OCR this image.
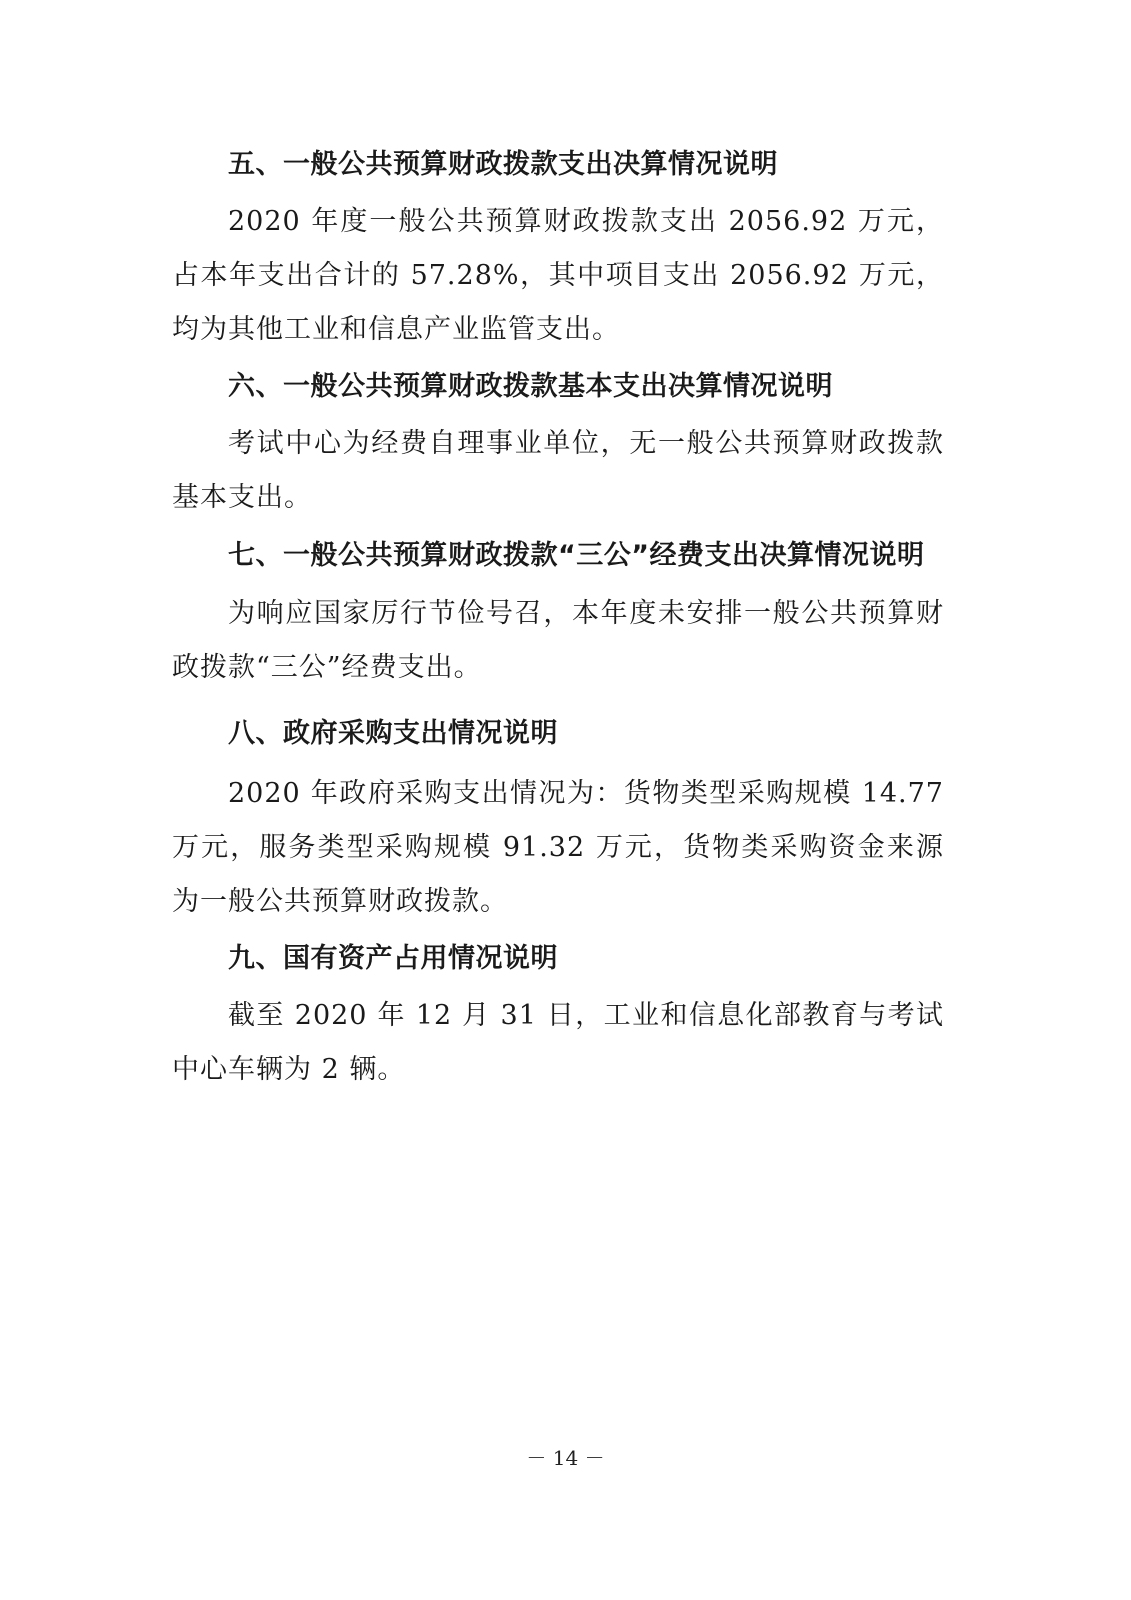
五、一般公共预算财政拨款支出决算情况说明

2020 年度一般公共预算财政拨款支出 2056.92 万元，占本年支出合计的 57.28%，其中项目支出 2056.92 万元，均为其他工业和信息产业监管支出。

六、一般公共预算财政拨款基本支出决算情况说明

考试中心为经费自理事业单位，无一般公共预算财政拨款基本支出。

七、一般公共预算财政拨款“三公”经费支出决算情况说明

为响应国家厉行节俭号召，本年度未安排一般公共预算财政拨款“三公”经费支出。

八、政府采购支出情况说明

2020 年政府采购支出情况为：货物类型采购规模 14.77 万元，服务类型采购规模 91.32 万元，货物类采购资金来源为一般公共预算财政拨款。

九、国有资产占用情况说明

截至 2020 年 12 月 31 日，工业和信息化部教育与考试中心车辆为 2 辆。

－ 14 －
